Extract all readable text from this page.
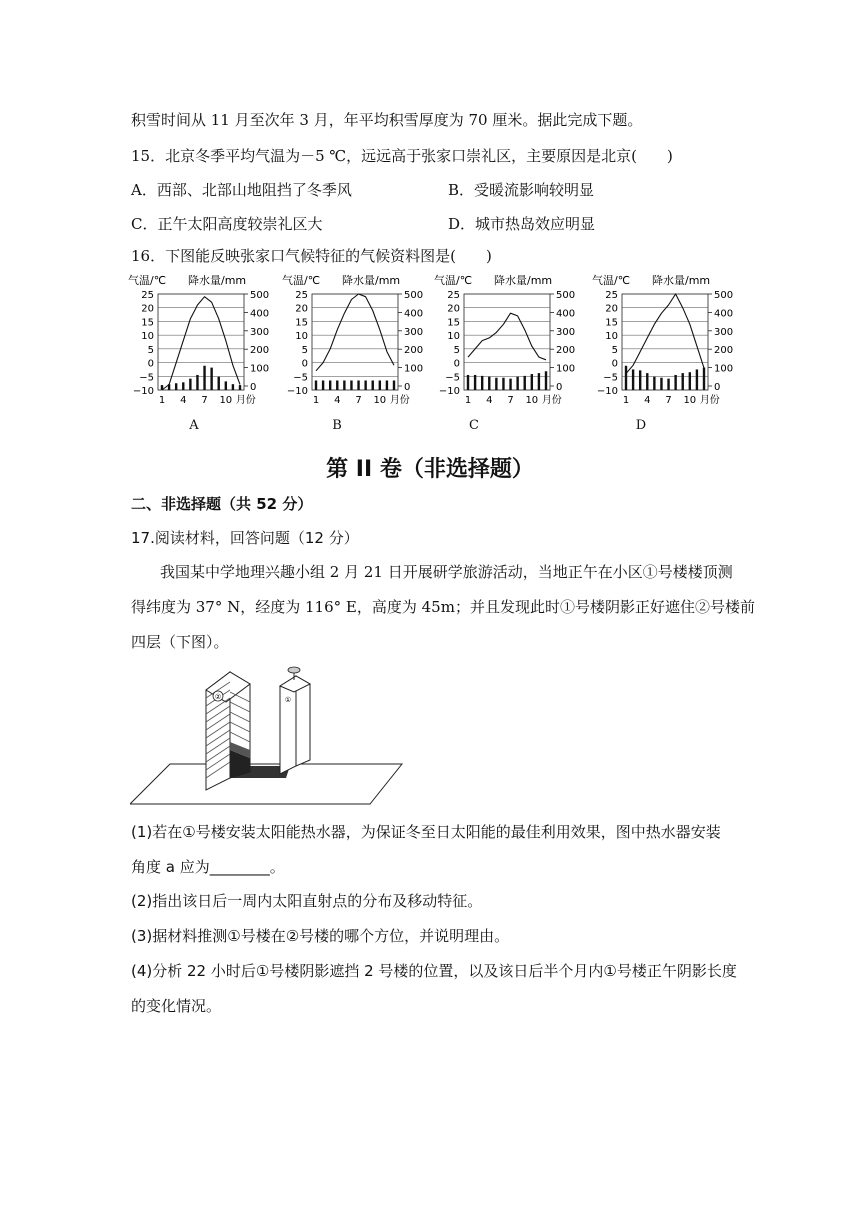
积雪时间从 11 月至次年 3 月，年平均积雪厚度为 70 厘米。据此完成下题。
15．北京冬季平均气温为－5 ℃，远远高于张家口崇礼区，主要原因是北京(　　)
A．西部、北部山地阻挡了冬季风	B．受暖流影响较明显
C．正午太阳高度较崇礼区大	D．城市热岛效应明显
16．下图能反映张家口气候特征的气候资料图是(　　)
气温/℃ 降水量/mm
25
20
15
10
5
0
−5
−10
500
400
300
200
100
0
1 4 7 10 月份
气温/℃ 降水量/mm
25
20
15
10
5
0
−5
−10
500
400
300
200
100
0
1 4 7 10 月份
气温/℃ 降水量/mm
25
20
15
10
5
0
−5
−10
500
400
300
200
100
0
1 4 7 10 月份
气温/℃ 降水量/mm
25
20
15
10
5
0
−5
−10
500
400
300
200
100
0
1 4 7 10 月份
A	B	C	D
第 II 卷（非选择题）
二、非选择题（共 52 分）
17.阅读材料，回答问题（12 分）
我国某中学地理兴趣小组 2 月 21 日开展研学旅游活动，当地正午在小区①号楼楼顶测
得纬度为 37° N，经度为 116° E，高度为 45m；并且发现此时①号楼阴影正好遮住②号楼前
四层（下图）。
②	①
(1)若在①号楼安装太阳能热水器，为保证冬至日太阳能的最佳利用效果，图中热水器安装
角度 a 应为________。
(2)指出该日后一周内太阳直射点的分布及移动特征。
(3)据材料推测①号楼在②号楼的哪个方位，并说明理由。
(4)分析 22 小时后①号楼阴影遮挡 2 号楼的位置，以及该日后半个月内①号楼正午阴影长度
的变化情况。
